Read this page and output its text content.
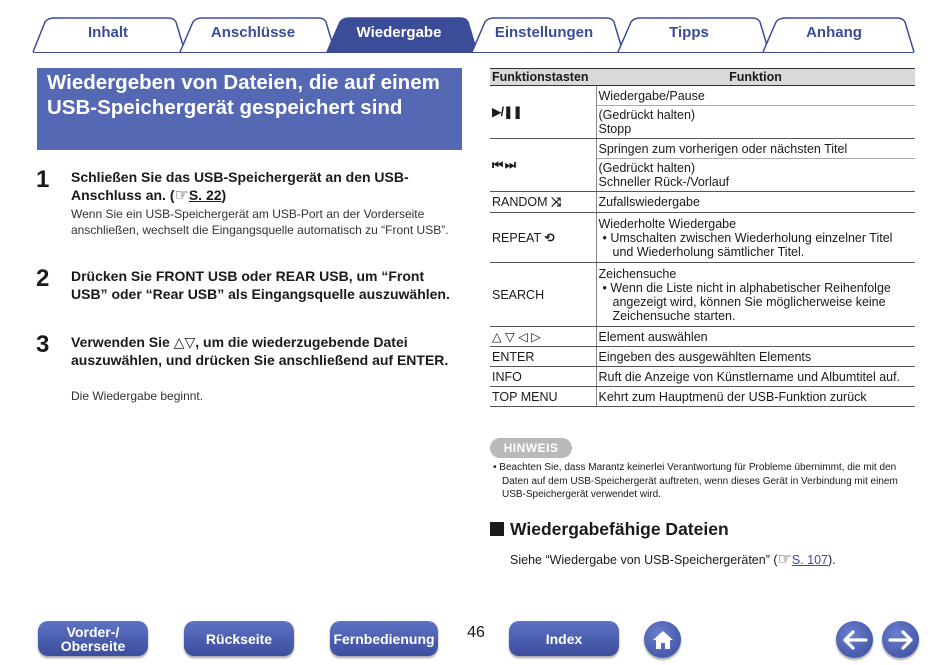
Inhalt	Anschlüsse	Wiedergabe	Einstellungen	Tipps	Anhang
Wiedergeben von Dateien, die auf einem USB-Speichergerät gespeichert sind
1 Schließen Sie das USB-Speichergerät an den USB-Anschluss an. (☞S. 22)
Wenn Sie ein USB-Speichergerät am USB-Port an der Vorderseite anschließen, wechselt die Eingangsquelle automatisch zu “Front USB”.
2 Drücken Sie FRONT USB oder REAR USB, um “Front USB” oder “Rear USB” als Eingangsquelle auszuwählen.
3 Verwenden Sie △▽, um die wiederzugebende Datei auszuwählen, und drücken Sie anschließend auf ENTER.
Die Wiedergabe beginnt.
Funktionstasten	Funktion
▶/❚❚	Wiedergabe/Pause
	(Gedrückt halten)
Stopp
⏮ ⏭	Springen zum vorherigen oder nächsten Titel
	(Gedrückt halten)
Schneller Rück-/Vorlauf
RANDOM ⤨	Zufallswiedergabe
REPEAT ⟲	Wiederholte Wiedergabe
• Umschalten zwischen Wiederholung einzelner Titel und Wiederholung sämtlicher Titel.

SEARCH	Zeichensuche
• Wenn die Liste nicht in alphabetischer Reihenfolge angezeigt wird, können Sie möglicherweise keine Zeichensuche starten.

△ ▽ ◁ ▷	Element auswählen
ENTER	Eingeben des ausgewählten Elements
INFO	Ruft die Anzeige von Künstlername und Albumtitel auf.
TOP MENU	Kehrt zum Hauptmenü der USB-Funktion zurück
HINWEIS
• Beachten Sie, dass Marantz keinerlei Verantwortung für Probleme übernimmt, die mit den Daten auf dem USB-Speichergerät auftreten, wenn dieses Gerät in Verbindung mit einem USB-Speichergerät verwendet wird.
Wiedergabefähige Dateien
Siehe “Wiedergabe von USB-Speichergeräten” (☞S. 107).
Vorder-/
Oberseite	Rückseite	Fernbedienung	46	Index
